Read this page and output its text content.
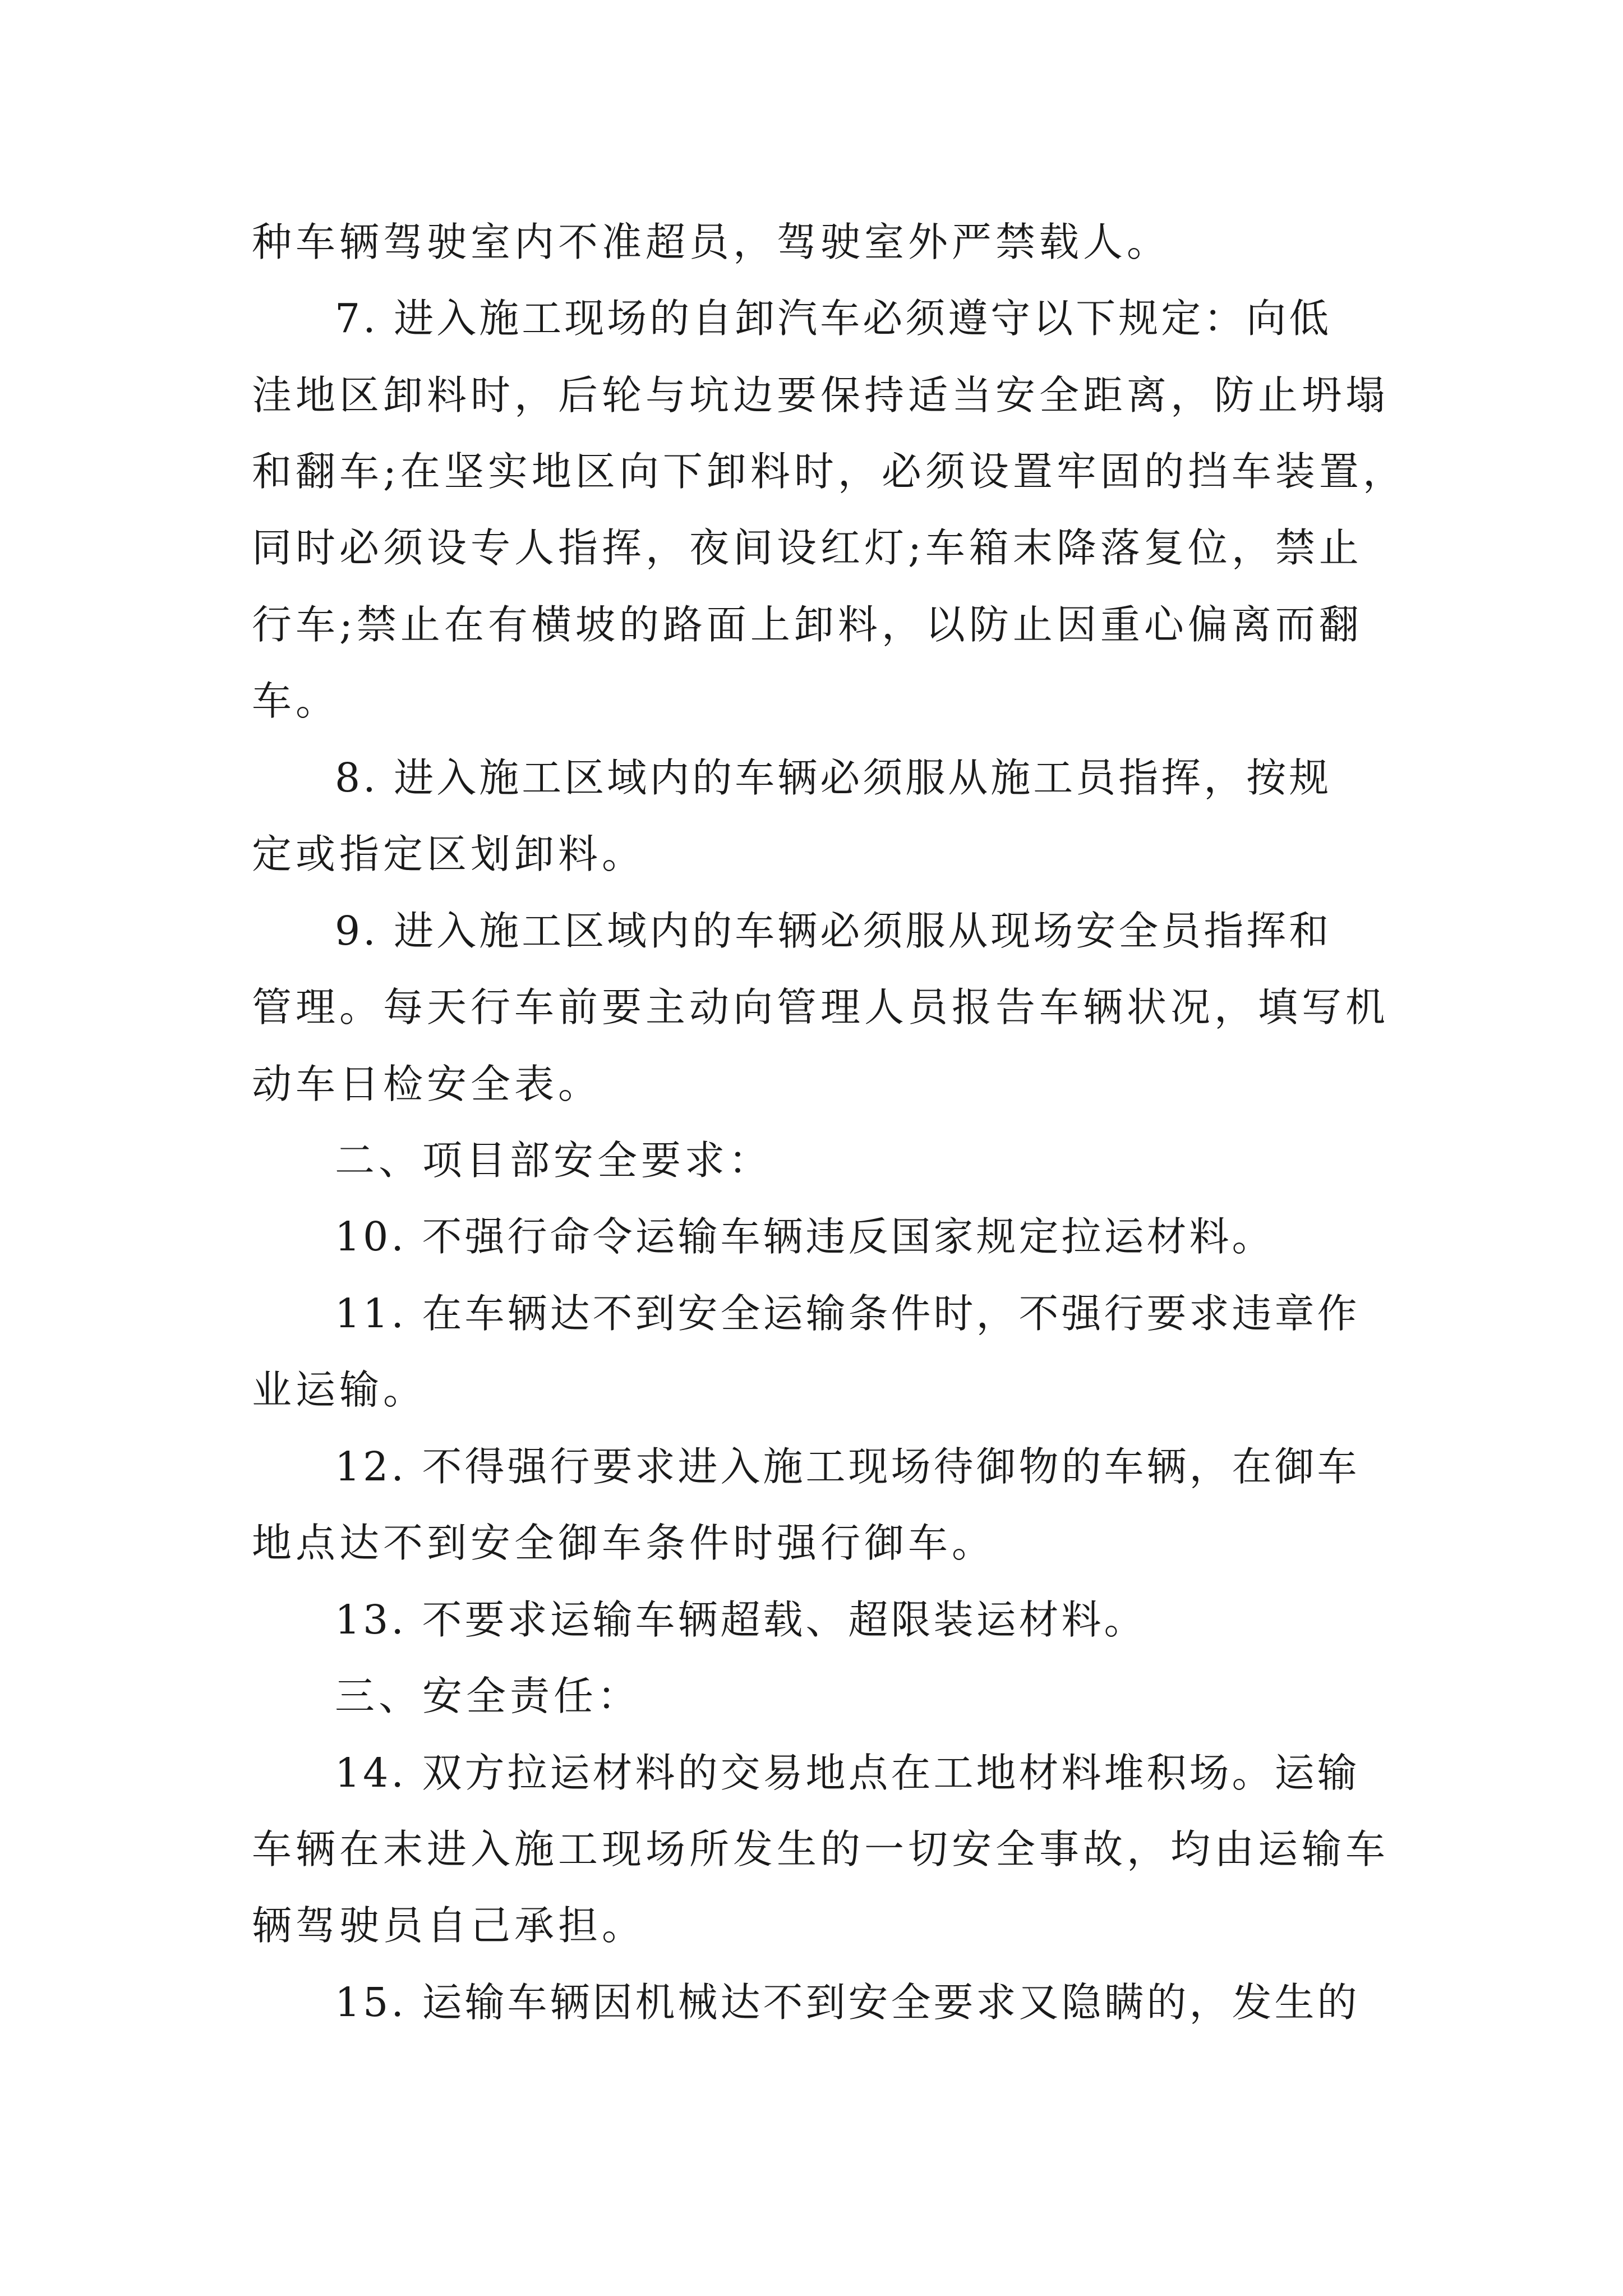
种车辆驾驶室内不准超员，驾驶室外严禁载人。
7. 进入施工现场的自卸汽车必须遵守以下规定：向低
洼地区卸料时，后轮与坑边要保持适当安全距离，防止坍塌
和翻车;在坚实地区向下卸料时，必须设置牢固的挡车装置，
同时必须设专人指挥，夜间设红灯;车箱末降落复位，禁止
行车;禁止在有横坡的路面上卸料，以防止因重心偏离而翻
车。
8. 进入施工区域内的车辆必须服从施工员指挥，按规
定或指定区划卸料。
9. 进入施工区域内的车辆必须服从现场安全员指挥和
管理。每天行车前要主动向管理人员报告车辆状况，填写机
动车日检安全表。
二、项目部安全要求：
10. 不强行命令运输车辆违反国家规定拉运材料。
11. 在车辆达不到安全运输条件时，不强行要求违章作
业运输。
12. 不得强行要求进入施工现场待御物的车辆，在御车
地点达不到安全御车条件时强行御车。
13. 不要求运输车辆超载、超限装运材料。
三、安全责任：
14. 双方拉运材料的交易地点在工地材料堆积场。运输
车辆在末进入施工现场所发生的一切安全事故，均由运输车
辆驾驶员自己承担。
15. 运输车辆因机械达不到安全要求又隐瞒的，发生的
